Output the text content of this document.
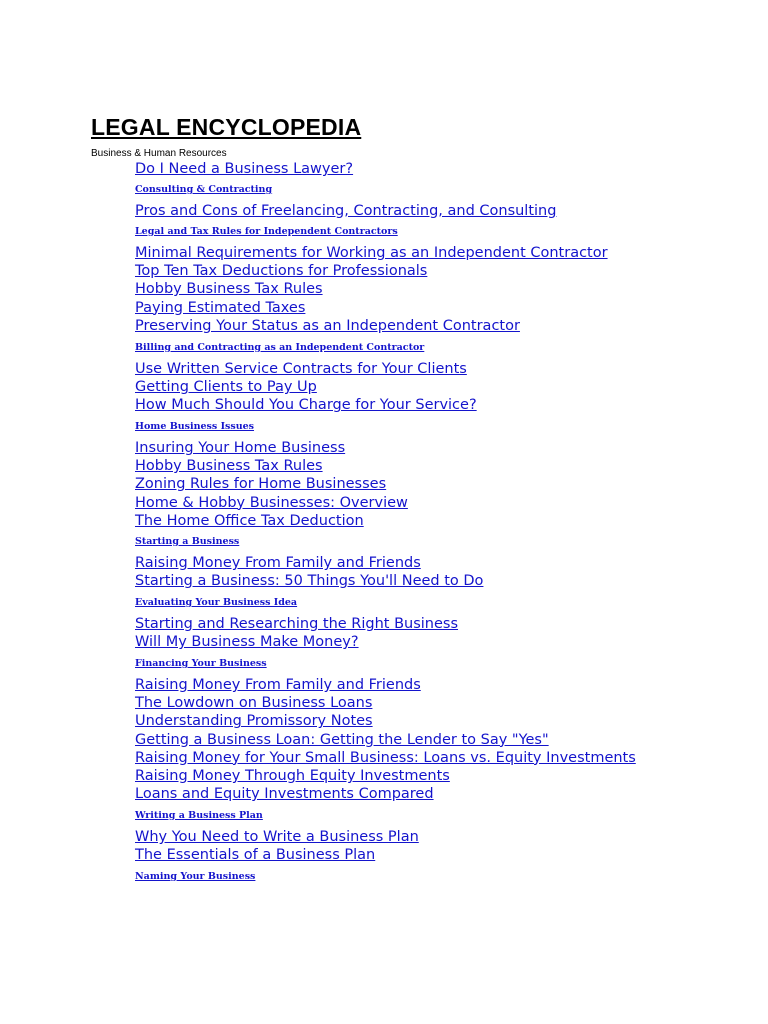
LEGAL ENCYCLOPEDIA
Business & Human Resources
Do I Need a Business Lawyer?
Consulting & Contracting
Pros and Cons of Freelancing, Contracting, and Consulting
Legal and Tax Rules for Independent Contractors
Minimal Requirements for Working as an Independent Contractor
Top Ten Tax Deductions for Professionals
Hobby Business Tax Rules
Paying Estimated Taxes
Preserving Your Status as an Independent Contractor
Billing and Contracting as an Independent Contractor
Use Written Service Contracts for Your Clients
Getting Clients to Pay Up
How Much Should You Charge for Your Service?
Home Business Issues
Insuring Your Home Business
Hobby Business Tax Rules
Zoning Rules for Home Businesses
Home & Hobby Businesses: Overview
The Home Office Tax Deduction
Starting a Business
Raising Money From Family and Friends
Starting a Business: 50 Things You'll Need to Do
Evaluating Your Business Idea
Starting and Researching the Right Business
Will My Business Make Money?
Financing Your Business
Raising Money From Family and Friends
The Lowdown on Business Loans
Understanding Promissory Notes
Getting a Business Loan: Getting the Lender to Say "Yes"
Raising Money for Your Small Business: Loans vs. Equity Investments
Raising Money Through Equity Investments
Loans and Equity Investments Compared
Writing a Business Plan
Why You Need to Write a Business Plan
The Essentials of a Business Plan
Naming Your Business
